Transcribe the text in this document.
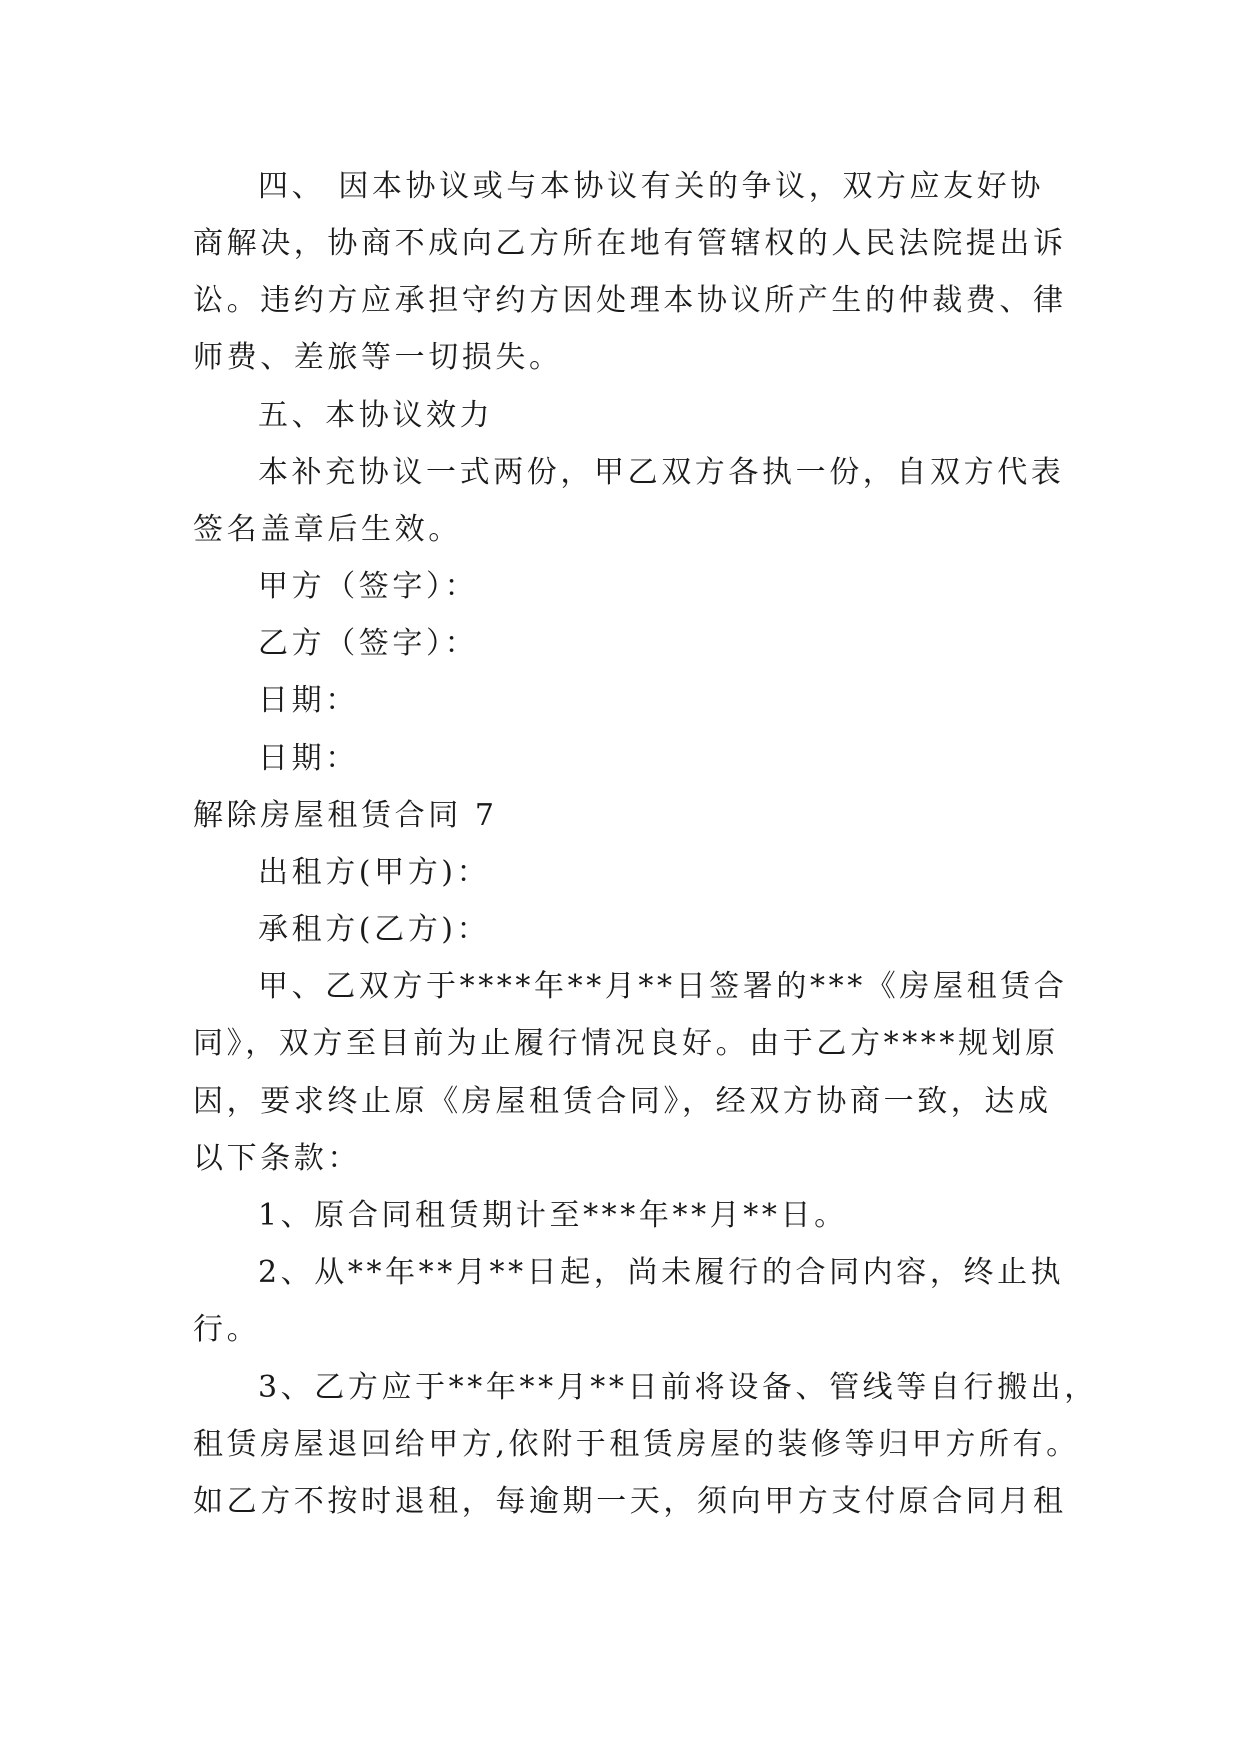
四、 因本协议或与本协议有关的争议，双方应友好协
商解决，协商不成向乙方所在地有管辖权的人民法院提出诉
讼。违约方应承担守约方因处理本协议所产生的仲裁费、律
师费、差旅等一切损失。
五、本协议效力
本补充协议一式两份，甲乙双方各执一份，自双方代表
签名盖章后生效。
甲方（签字）：
乙方（签字）：
日期：
日期：
解除房屋租赁合同 7
出租方(甲方)：
承租方(乙方)：
甲、乙双方于****年**月**日签署的***《房屋租赁合
同》，双方至目前为止履行情况良好。由于乙方****规划原
因，要求终止原《房屋租赁合同》，经双方协商一致，达成
以下条款：
1、原合同租赁期计至***年**月**日。
2、从**年**月**日起，尚未履行的合同内容，终止执
行。
3、乙方应于**年**月**日前将设备、管线等自行搬出，
租赁房屋退回给甲方,依附于租赁房屋的装修等归甲方所有。
如乙方不按时退租，每逾期一天，须向甲方支付原合同月租
